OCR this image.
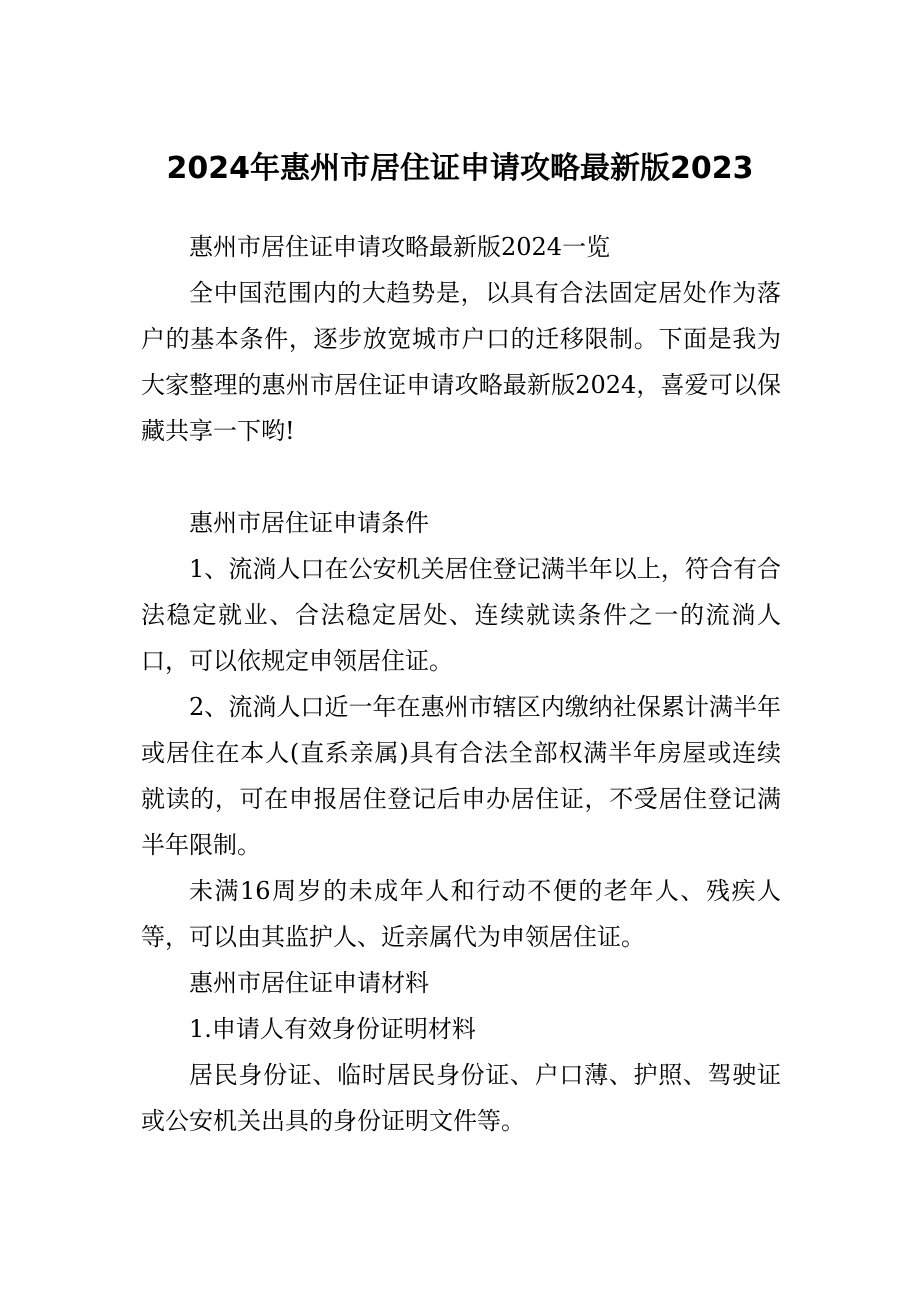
2024年惠州市居住证申请攻略最新版2023

惠州市居住证申请攻略最新版2024一览

全中国范围内的大趋势是，以具有合法固定居处作为落户的基本条件，逐步放宽城市户口的迁移限制。下面是我为大家整理的惠州市居住证申请攻略最新版2024，喜爱可以保藏共享一下哟!

惠州市居住证申请条件

1、流淌人口在公安机关居住登记满半年以上，符合有合法稳定就业、合法稳定居处、连续就读条件之一的流淌人口，可以依规定申领居住证。

2、流淌人口近一年在惠州市辖区内缴纳社保累计满半年或居住在本人(直系亲属)具有合法全部权满半年房屋或连续就读的，可在申报居住登记后申办居住证，不受居住登记满半年限制。

未满16周岁的未成年人和行动不便的老年人、残疾人等，可以由其监护人、近亲属代为申领居住证。

惠州市居住证申请材料

1.申请人有效身份证明材料

居民身份证、临时居民身份证、户口薄、护照、驾驶证或公安机关出具的身份证明文件等。
